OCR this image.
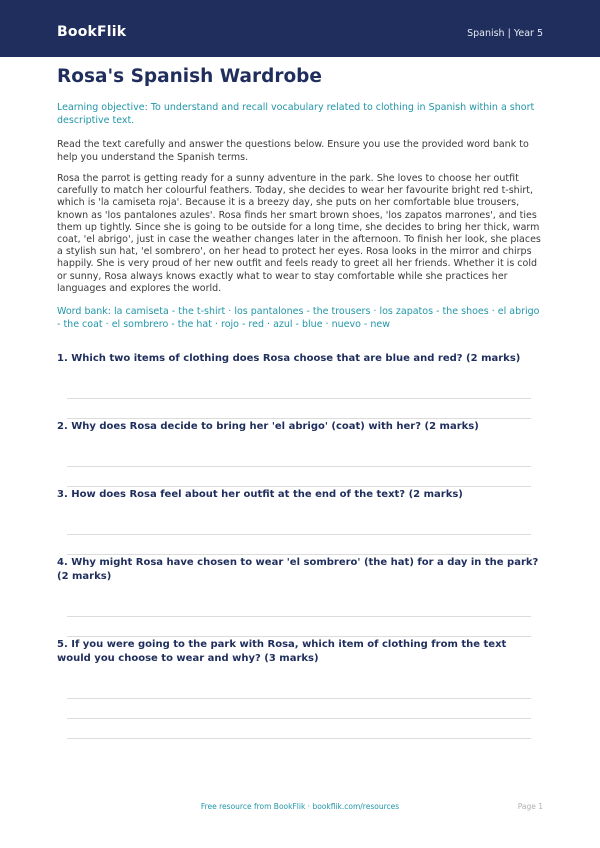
BookFlik	Spanish | Year 5
Rosa's Spanish Wardrobe
Learning objective: To understand and recall vocabulary related to clothing in Spanish within a short descriptive text.
Read the text carefully and answer the questions below. Ensure you use the provided word bank to help you understand the Spanish terms.
Rosa the parrot is getting ready for a sunny adventure in the park. She loves to choose her outfit carefully to match her colourful feathers. Today, she decides to wear her favourite bright red t-shirt, which is 'la camiseta roja'. Because it is a breezy day, she puts on her comfortable blue trousers, known as 'los pantalones azules'. Rosa finds her smart brown shoes, 'los zapatos marrones', and ties them up tightly. Since she is going to be outside for a long time, she decides to bring her thick, warm coat, 'el abrigo', just in case the weather changes later in the afternoon. To finish her look, she places a stylish sun hat, 'el sombrero', on her head to protect her eyes. Rosa looks in the mirror and chirps happily. She is very proud of her new outfit and feels ready to greet all her friends. Whether it is cold or sunny, Rosa always knows exactly what to wear to stay comfortable while she practices her languages and explores the world.
Word bank: la camiseta - the t-shirt · los pantalones - the trousers · los zapatos - the shoes · el abrigo - the coat · el sombrero - the hat · rojo - red · azul - blue · nuevo - new
1. Which two items of clothing does Rosa choose that are blue and red? (2 marks)
2. Why does Rosa decide to bring her 'el abrigo' (coat) with her? (2 marks)
3. How does Rosa feel about her outfit at the end of the text? (2 marks)
4. Why might Rosa have chosen to wear 'el sombrero' (the hat) for a day in the park? (2 marks)
5. If you were going to the park with Rosa, which item of clothing from the text would you choose to wear and why? (3 marks)
Free resource from BookFlik · bookflik.com/resources	Page 1
